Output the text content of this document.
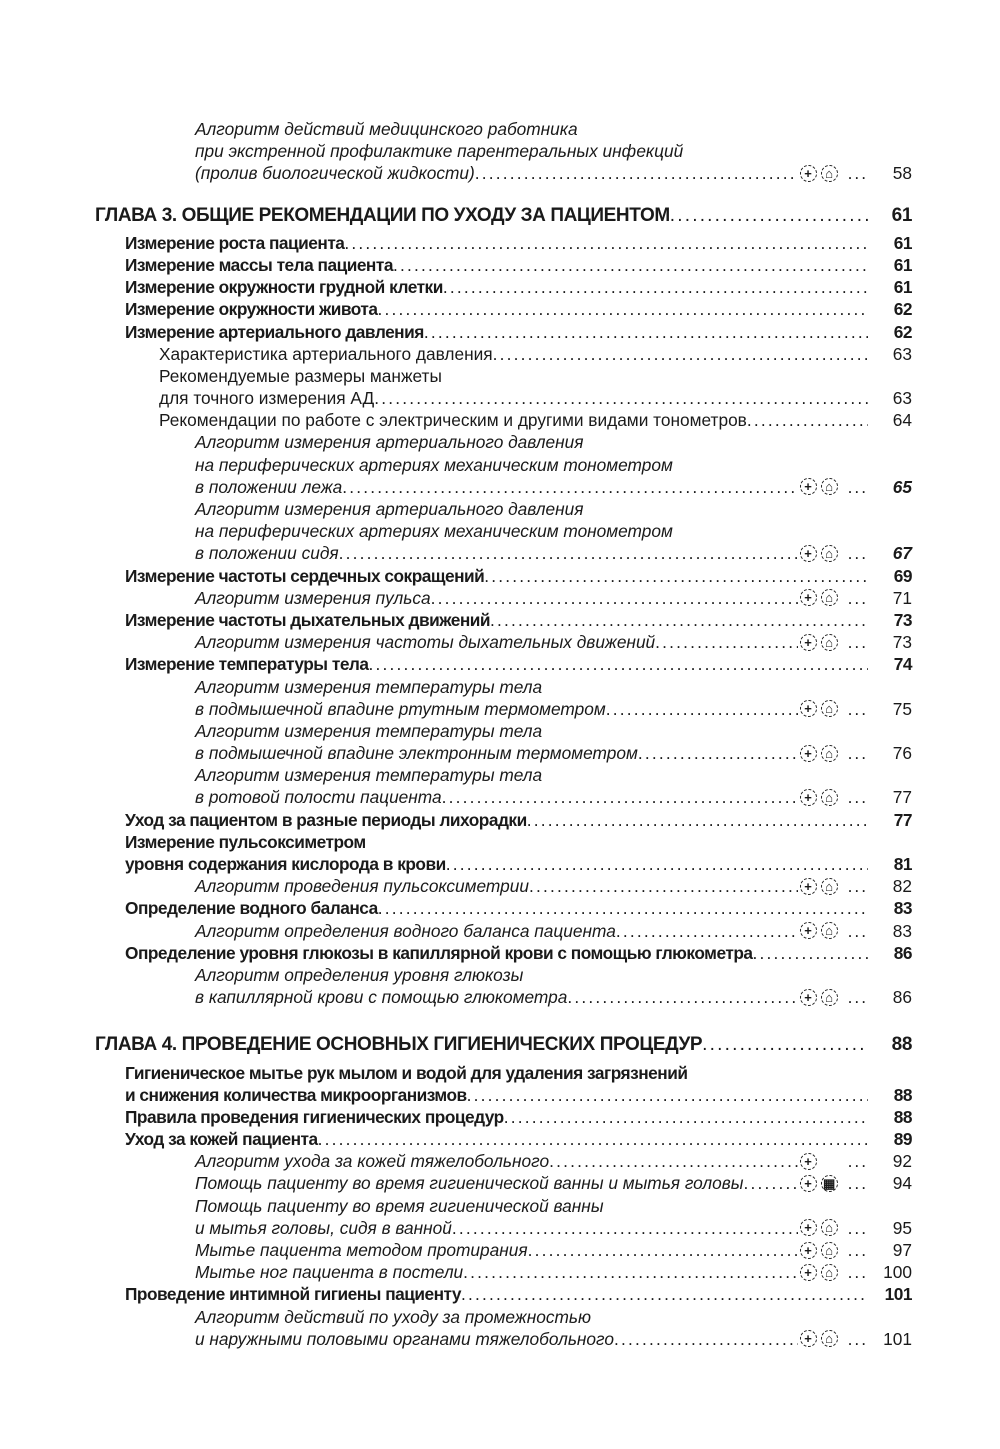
Алгоритм действий медицинского работника
при экстренной профилактике парентеральных инфекций
(пролив биологической жидкости) .....	+	⌂ ...	58
ГЛАВА 3. ОБЩИЕ РЕКОМЕНДАЦИИ ПО УХОДУ ЗА ПАЦИЕНТОМ .....	61
Измерение роста пациента .....	61
Измерение массы тела пациента .....	61
Измерение окружности грудной клетки .....	61
Измерение окружности живота .....	62
Измерение артериального давления .....	62
Характеристика артериального давления .....	63
Рекомендуемые размеры манжеты
для точного измерения АД .....	63
Рекомендации по работе с электрическим и другими видами тонометров .....	64
Алгоритм измерения артериального давления
на периферических артериях механическим тонометром
в положении лежа .....	+	⌂ ...	65
Алгоритм измерения артериального давления
на периферических артериях механическим тонометром
в положении сидя .....	+	⌂ ...	67
Измерение частоты сердечных сокращений .....	69
Алгоритм измерения пульса .....	+	⌂ ...	71
Измерение частоты дыхательных движений .....	73
Алгоритм измерения частоты дыхательных движений .....	+	⌂ ...	73
Измерение температуры тела .....	74
Алгоритм измерения температуры тела
в подмышечной впадине ртутным термометром .....	+	⌂ ...	75
Алгоритм измерения температуры тела
в подмышечной впадине электронным термометром .....	+	⌂ ...	76
Алгоритм измерения температуры тела
в ротовой полости пациента .....	+	⌂ ...	77
Уход за пациентом в разные периоды лихорадки .....	77
Измерение пульсоксиметром
уровня содержания кислорода в крови .....	81
Алгоритм проведения пульсоксиметрии .....	+	⌂ ...	82
Определение водного баланса .....	83
Алгоритм определения водного баланса пациента .....	+	⌂ ...	83
Определение уровня глюкозы в капиллярной крови с помощью глюкометра .....	86
Алгоритм определения уровня глюкозы
в капиллярной крови с помощью глюкометра .....	+	⌂ ...	86
ГЛАВА 4. ПРОВЕДЕНИЕ ОСНОВНЫХ ГИГИЕНИЧЕСКИХ ПРОЦЕДУР .....	88
Гигиеническое мытье рук мылом и водой для удаления загрязнений
и снижения количества микроорганизмов .....	88
Правила проведения гигиенических процедур .....	88
Уход за кожей пациента .....	89
Алгоритм ухода за кожей тяжелобольного .....	+ ...	92
Помощь пациенту во время гигиенической ванны и мытья головы .....	+ ▦ ...	94
Помощь пациенту во время гигиенической ванны
и мытья головы, сидя в ванной .....	+	⌂ ...	95
Мытье пациента методом протирания .....	+	⌂ ...	97
Мытье ног пациента в постели .....	+	⌂ ... 100
Проведение интимной гигиены пациенту .....	101
Алгоритм действий по уходу за промежностью
и наружными половыми органами тяжелобольного .....	+	⌂ ... 101
